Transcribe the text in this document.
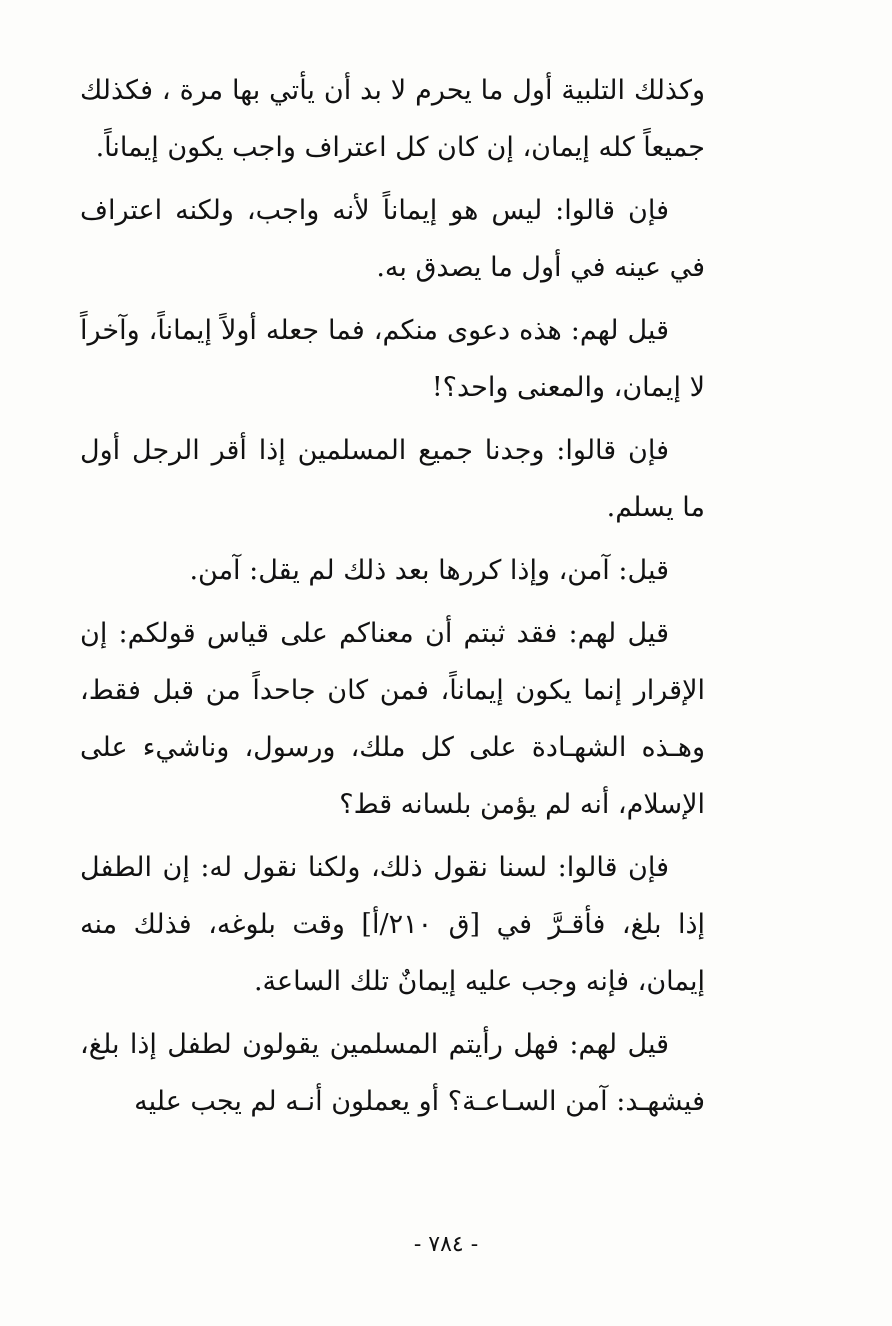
وكذلك التلبية أول ما يحرم لا بد أن يأتي بها مرة ، فكذلك جميعاً كله إيمان، إن كان كل اعتراف واجب يكون إيماناً.

فإن قالوا: ليس هو إيماناً لأنه واجب، ولكنه اعتراف في عينه في أول ما يصدق به.

قيل لهم: هذه دعوى منكم، فما جعله أولاً إيماناً، وآخراً لا إيمان، والمعنى واحد؟!

فإن قالوا: وجدنا جميع المسلمين إذا أقر الرجل أول ما يسلم.

قيل: آمن، وإذا كررها بعد ذلك لم يقل: آمن.

قيل لهم: فقد ثبتم أن معناكم على قياس قولكم: إن الإقرار إنما يكون إيماناً، فمن كان جاحداً من قبل فقط، وهـذه الشهـادة على كل ملك، ورسول، وناشيء على الإسلام، أنه لم يؤمن بلسانه قط؟

فإن قالوا: لسنا نقول ذلك، ولكنا نقول له: إن الطفل إذا بلغ، فأقـرَّ في [ق ٢١٠/أ] وقت بلوغه، فذلك منه إيمان، فإنه وجب عليه إيمانٌ تلك الساعة.

قيل لهم: فهل رأيتم المسلمين يقولون لطفل إذا بلغ، فيشهـد: آمن السـاعـة؟ أو يعملون أنـه لم يجب عليه

- ٧٨٤ -
